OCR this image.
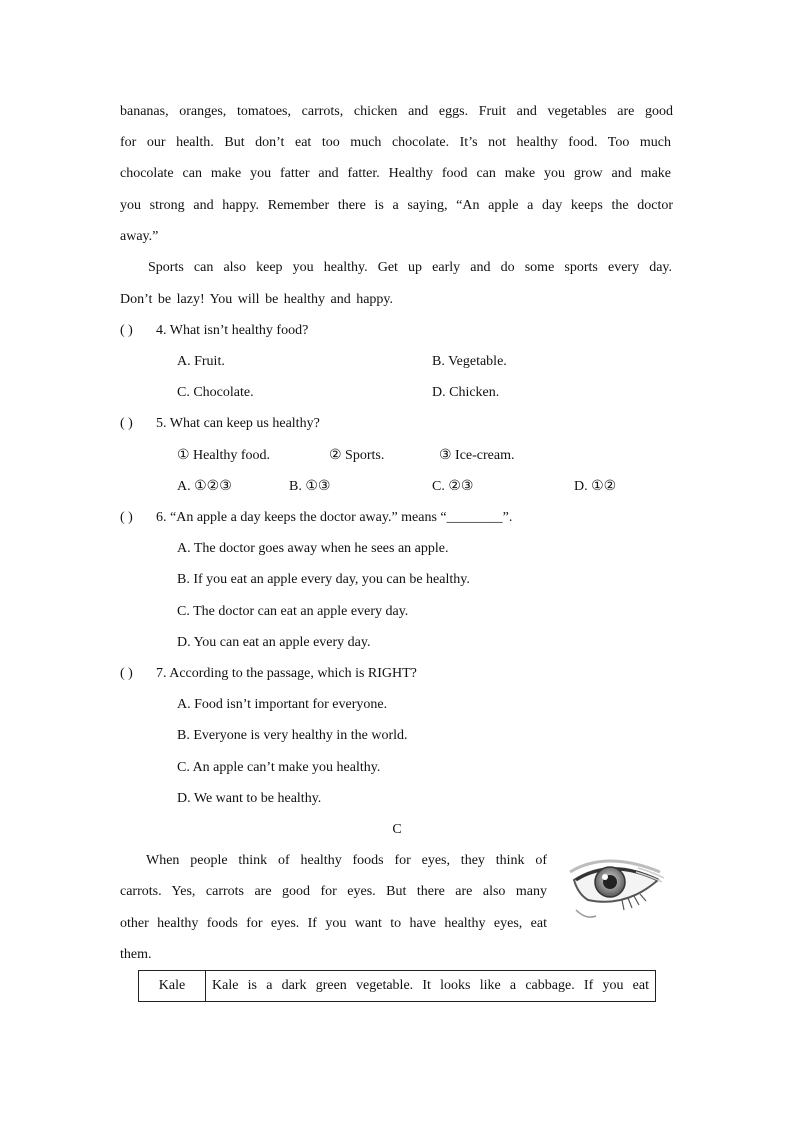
bananas, oranges, tomatoes, carrots, chicken and eggs. Fruit and vegetables are good
for our health. But don’t eat too much chocolate. It’s not healthy food. Too much
chocolate can make you fatter and fatter. Healthy food can make you grow and make
you strong and happy. Remember there is a saying, “An apple a day keeps the doctor
away.”
Sports can also keep you healthy. Get up early and do some sports every day.
Don’t be lazy! You will be healthy and happy.
( ) 4. What isn’t healthy food?
A. Fruit.	B. Vegetable.
C. Chocolate.	D. Chicken.
( ) 5. What can keep us healthy?
① Healthy food.	② Sports.	③ Ice-cream.
A. ①②③	B. ①③	C. ②③	D. ①②
( ) 6. “An apple a day keeps the doctor away.” means “________”.
A. The doctor goes away when he sees an apple.
B. If you eat an apple every day, you can be healthy.
C. The doctor can eat an apple every day.
D. You can eat an apple every day.
( ) 7. According to the passage, which is RIGHT?
A. Food isn’t important for everyone.
B. Everyone is very healthy in the world.
C. An apple can’t make you healthy.
D. We want to be healthy.
C
When people think of healthy foods for eyes, they think of
carrots. Yes, carrots are good for eyes. But there are also many
other healthy foods for eyes. If you want to have healthy eyes, eat
them.
Kale	Kale is a dark green vegetable. It looks like a cabbage. If you eat
